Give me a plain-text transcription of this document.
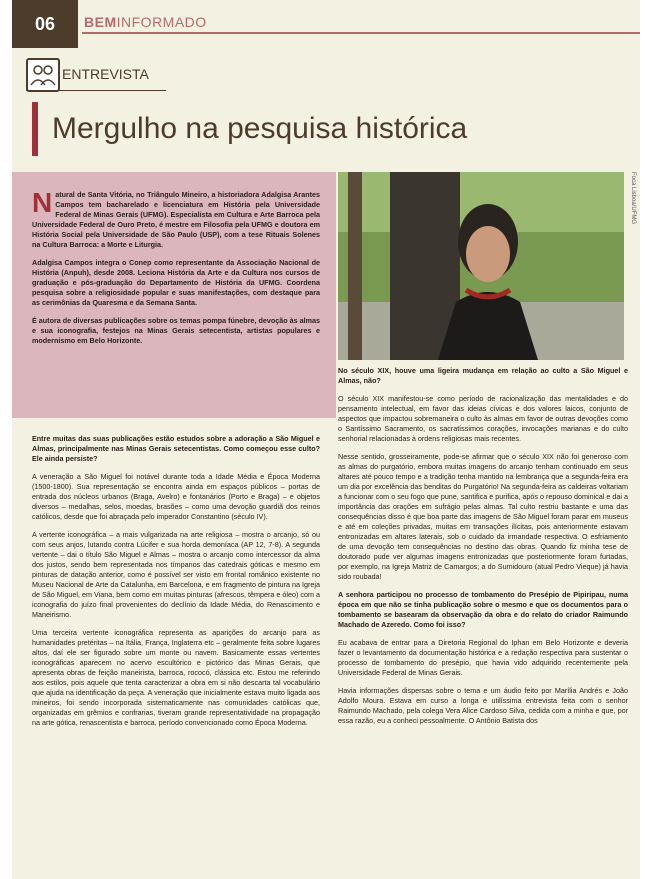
06	BEMINFORMADO
ENTREVISTA
Mergulho na pesquisa histórica

Natural de Santa Vitória, no Triângulo Mineiro, a historiadora Adalgisa Arantes Campos tem bacharelado e licenciatura em História pela Universidade Federal de Minas Gerais (UFMG). Especialista em Cultura e Arte Barroca pela Universidade Federal de Ouro Preto, é mestre em Filosofia pela UFMG e doutora em História Social pela Universidade de São Paulo (USP), com a tese Rituais Solenes na Cultura Barroca: a Morte e Liturgia.

Adalgisa Campos integra o Conep como representante da Associação Nacional de História (Anpuh), desde 2008. Leciona História da Arte e da Cultura nos cursos de graduação e pós-graduação do Departamento de História da UFMG. Coordena pesquisa sobre a religiosidade popular e suas manifestações, com destaque para as cerimônias da Quaresma e da Semana Santa.

É autora de diversas publicações sobre os temas pompa fúnebre, devoção às almas e sua iconografia, festejos na Minas Gerais setecentista, artistas populares e modernismo em Belo Horizonte.

Foca Lisboa/UFMG

Entre muitas das suas publicações estão estudos sobre a adoração a São Miguel e Almas, principalmente nas Minas Gerais setecentistas. Como começou esse culto? Ele ainda persiste?

A veneração a São Miguel foi notável durante toda a Idade Média e Época Moderna (1500-1800). Sua representação se encontra ainda em espaços públicos – portas de entrada dos núcleos urbanos (Braga, Avelro) e fontanários (Porto e Braga) – e objetos diversos – medalhas, selos, moedas, brasões – como uma devoção guardiã dos reinos católicos, desde que foi abraçada pelo imperador Constantino (século IV).

A vertente iconográfica – a mais vulgarizada na arte religiosa – mostra o arcanjo, só ou com seus anjos, lutando contra Lúcifer e sua horda demoníaca (AP 12, 7-8). A segunda vertente – dai o título São Miguel e Almas – mostra o arcanjo como intercessor da alma dos justos, sendo bem representada nos tímpanos das catedrais góticas e mesmo em pinturas de datação anterior, como é possível ser visto em frontal românico existente no Museu Nacional de Arte da Catalunha, em Barcelona, e em fragmento de pintura na Igreja de São Miguel, em Viana, bem como em muitas pinturas (afrescos, têmpera e óleo) com a iconografia do juízo final provenientes do declínio da Idade Média, do Renascimento e Maneirismo.

Uma terceira vertente iconográfica representa as aparições do arcanjo para as humanidades pretéritas – na Itália, França, Inglaterra etc – geralmente feita sobre lugares altos, daí ele ser figurado sobre um monte ou navem. Basicamente essas vertentes iconográficas aparecem no acervo escultórico e pictórico das Minas Gerais, que apresenta obras de feição maneirista, barroca, rococó, clássica etc. Estou me referindo aos estilos, pois aquele que tenta caracterizar a obra em si não descarta tal vocabulário que ajuda na identificação da peça. A veneração que inicialmente estava muito ligada aos mineiros, foi sendo incorporada sistematicamente nas comunidades católicas que, organizadas em grêmios e confrarias, tiveram grande representatividade na propagação na arte gótica, renascentista e barroca, período convencionado como Época Moderna.

No século XIX, houve uma ligeira mudança em relação ao culto a São Miguel e Almas, não?

O século XIX manifestou-se como período de racionalização das mentalidades e do pensamento intelectual, em favor das ideias cívicas e dos valores laicos, conjunto de aspectos que impactou sobremaneira o culto às almas em favor de outras devoções como o Santíssimo Sacramento, os sacratíssimos corações, invocações marianas e do culto senhorial relacionadas à ordens religiosas mais recentes.

Nesse sentido, grosseiramente, pode-se afirmar que o século XIX não foi generoso com as almas do purgatório, embora muitas imagens do arcanjo tenham continuado em seus altares até pouco tempo e a tradição tenha mantido na lembrança que a segunda-feira era um dia por excelência das benditas do Purgatório! Na segunda-feira as caldeiras voltariam a funcionar com o seu fogo que pune, santifica e purifica, após o repouso dominical e dai a importância das orações em sufrágio pelas almas. Tal culto restriu bastante e uma das consequências disso é que boa parte das imagens de São Miguel foram parar em museus e até em coleções privadas, muitas em transações ilícitas, pois anteriormente estavam entronizadas em altares laterais, sob o cuidado da irmandade respectiva. O esfriamento de uma devoção tem consequências no destino das obras. Quando fiz minha tese de doutorado pude ver algumas imagens entronizadas que posteriormente foram furtadas, por exemplo, na Igreja Matriz de Camargos; a do Sumidouro (atual Pedro Vieque) já havia sido roubada!

A senhora participou no processo de tombamento do Presépio de Pipiripau, numa época em que não se tinha publicação sobre o mesmo e que os documentos para o tombamento se basearam da observação da obra e do relato do criador Raimundo Machado de Azeredo. Como foi isso?

Eu acabava de entrar para a Diretoria Regional do Iphan em Belo Horizonte e deveria fazer o levantamento da documentação histórica e a redação respectiva para sustentar o processo de tombamento do presépio, que havia vido adquirido recentemente pela Universidade Federal de Minas Gerais.

Havia informações dispersas sobre o tema e um áudio feito por Marília Andrés e João Adolfo Moura. Estava em curso a longa e utilíssima entrevista feita com o senhor Raimundo Machado, pela colega Vera Alice Cardoso Silva, cedida com a minha e que, por essa razão, eu a conheci pessoalmente. O Antônio Batista dos
